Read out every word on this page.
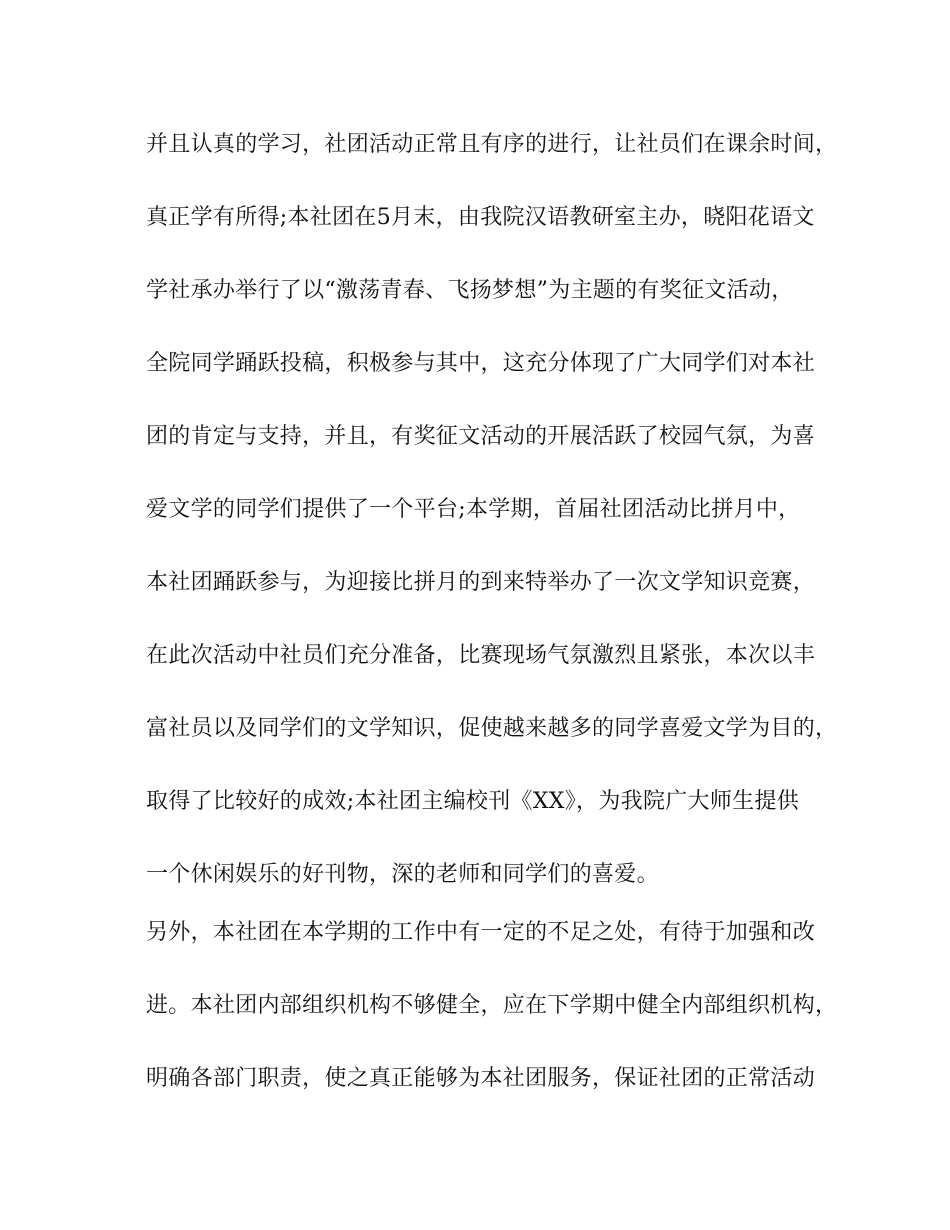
并且认真的学习，社团活动正常且有序的进行，让社员们在课余时间，
真正学有所得;本社团在5月末，由我院汉语教研室主办，晓阳花语文
学社承办举行了以“激荡青春、飞扬梦想”为主题的有奖征文活动，
全院同学踊跃投稿，积极参与其中，这充分体现了广大同学们对本社
团的肯定与支持，并且，有奖征文活动的开展活跃了校园气氛，为喜
爱文学的同学们提供了一个平台;本学期，首届社团活动比拼月中，
本社团踊跃参与，为迎接比拼月的到来特举办了一次文学知识竞赛，
在此次活动中社员们充分准备，比赛现场气氛激烈且紧张，本次以丰
富社员以及同学们的文学知识，促使越来越多的同学喜爱文学为目的，
取得了比较好的成效;本社团主编校刊《XX》，为我院广大师生提供
一个休闲娱乐的好刊物，深的老师和同学们的喜爱。
另外，本社团在本学期的工作中有一定的不足之处，有待于加强和改
进。本社团内部组织机构不够健全，应在下学期中健全内部组织机构，
明确各部门职责，使之真正能够为本社团服务，保证社团的正常活动
